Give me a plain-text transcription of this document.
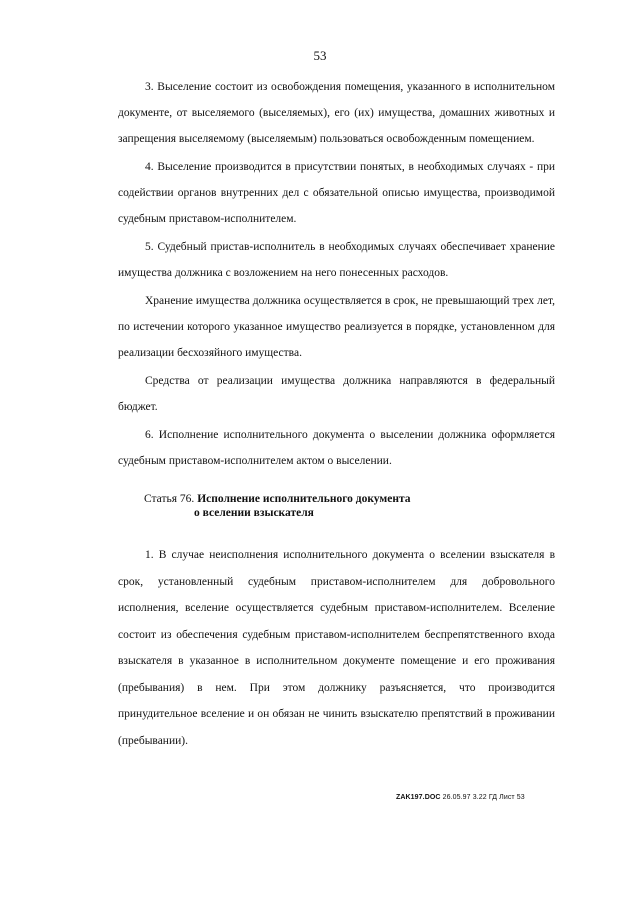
53

3. Выселение состоит из освобождения помещения, указанного в исполнительном документе, от выселяемого (выселяемых), его (их) имущества, домашних животных и запрещения выселяемому (выселяемым) пользоваться освобожденным помещением.

4. Выселение производится в присутствии понятых, в необходимых случаях - при содействии органов внутренних дел с обязательной описью имущества, производимой судебным приставом-исполнителем.

5. Судебный пристав-исполнитель в необходимых случаях обеспечивает хранение имущества должника с возложением на него понесенных расходов.

Хранение имущества должника осуществляется в срок, не превышающий трех лет, по истечении которого указанное имущество реализуется в порядке, установленном для реализации бесхозяйного имущества.

Средства от реализации имущества должника направляются в федеральный бюджет.

6. Исполнение исполнительного документа о выселении должника оформляется судебным приставом-исполнителем актом о выселении.

Статья 76. Исполнение исполнительного документа
о вселении взыскателя

1. В случае неисполнения исполнительного документа о вселении взыскателя в срок, установленный судебным приставом-исполнителем для добровольного исполнения, вселение осуществляется судебным приставом-исполнителем. Вселение состоит из обеспечения судебным приставом-исполнителем беспрепятственного входа взыскателя в указанное в исполнительном документе помещение и его проживания (пребывания) в нем. При этом должнику разъясняется, что производится принудительное вселение и он обязан не чинить взыскателю препятствий в проживании (пребывании).

ZAK197.DOC 26.05.97 3.22 ГД Лист 53
